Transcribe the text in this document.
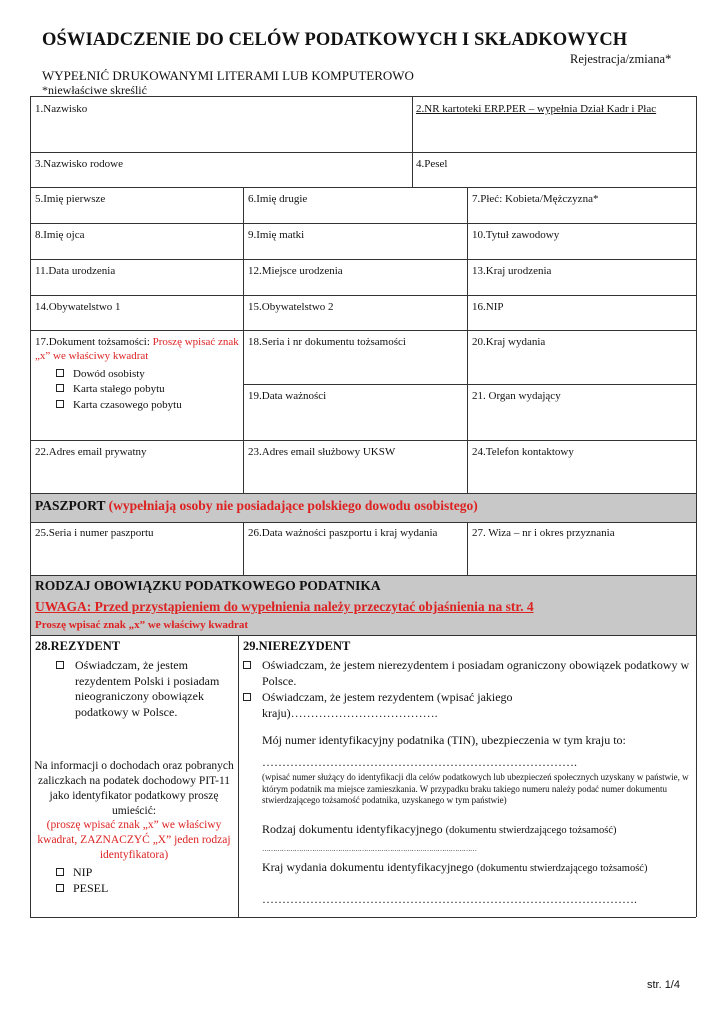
OŚWIADCZENIE DO CELÓW PODATKOWYCH I SKŁADKOWYCH
Rejestracja/zmiana*
WYPEŁNIĆ DRUKOWANYMI LITERAMI LUB KOMPUTEROWO
*niewłaściwe skreślić
1.Nazwisko	2.NR kartoteki ERP.PER – wypełnia Dział Kadr i Płac
3.Nazwisko rodowe	4.Pesel
5.Imię pierwsze	6.Imię drugie	7.Płeć: Kobieta/Mężczyzna*
8.Imię ojca	9.Imię matki	10.Tytuł zawodowy
11.Data urodzenia	12.Miejsce urodzenia	13.Kraj urodzenia
14.Obywatelstwo 1	15.Obywatelstwo 2	16.NIP
17.Dokument tożsamości: Proszę wpisać znak „x” we właściwy kwadrat
Dowód osobisty
Karta stałego pobytu
Karta czasowego pobytu
18.Seria i nr dokumentu tożsamości	20.Kraj wydania
19.Data ważności	21. Organ wydający
22.Adres email prywatny	23.Adres email służbowy UKSW	24.Telefon kontaktowy
PASZPORT (wypełniają osoby nie posiadające polskiego dowodu osobistego)
25.Seria i numer paszportu	26.Data ważności paszportu i kraj wydania	27. Wiza – nr i okres przyznania
RODZAJ OBOWIĄZKU PODATKOWEGO PODATNIKA
UWAGA: Przed przystąpieniem do wypełnienia należy przeczytać objaśnienia na str. 4
Proszę wpisać znak „x” we właściwy kwadrat
28.REZYDENT
Oświadczam, że jestem rezydentem Polski i posiadam nieograniczony obowiązek podatkowy w Polsce.
Na informacji o dochodach oraz pobranych zaliczkach na podatek dochodowy PIT-11 jako identyfikator podatkowy proszę umieścić:
(proszę wpisać znak „x” we właściwy kwadrat, ZAZNACZYĆ „X” jeden rodzaj identyfikatora)
NIP
PESEL
29.NIEREZYDENT
Oświadczam, że jestem nierezydentem i posiadam ograniczony obowiązek podatkowy w Polsce.
Oświadczam, że jestem rezydentem (wpisać jakiego kraju)……………………………….
Mój numer identyfikacyjny podatnika (TIN), ubezpieczenia w tym kraju to:
…………………………………………………………………….
(wpisać numer służący do identyfikacji dla celów podatkowych lub ubezpieczeń społecznych uzyskany w państwie, w którym podatnik ma miejsce zamieszkania. W przypadku braku takiego numeru należy podać numer dokumentu stwierdzającego tożsamość podatnika, uzyskanego w tym państwie)
Rodzaj dokumentu identyfikacyjnego (dokumentu stwierdzającego tożsamość)
………………………………………………………………………………………
Kraj wydania dokumentu identyfikacyjnego (dokumentu stwierdzającego tożsamość)
………………………………………………………………………………….
str. 1/4
